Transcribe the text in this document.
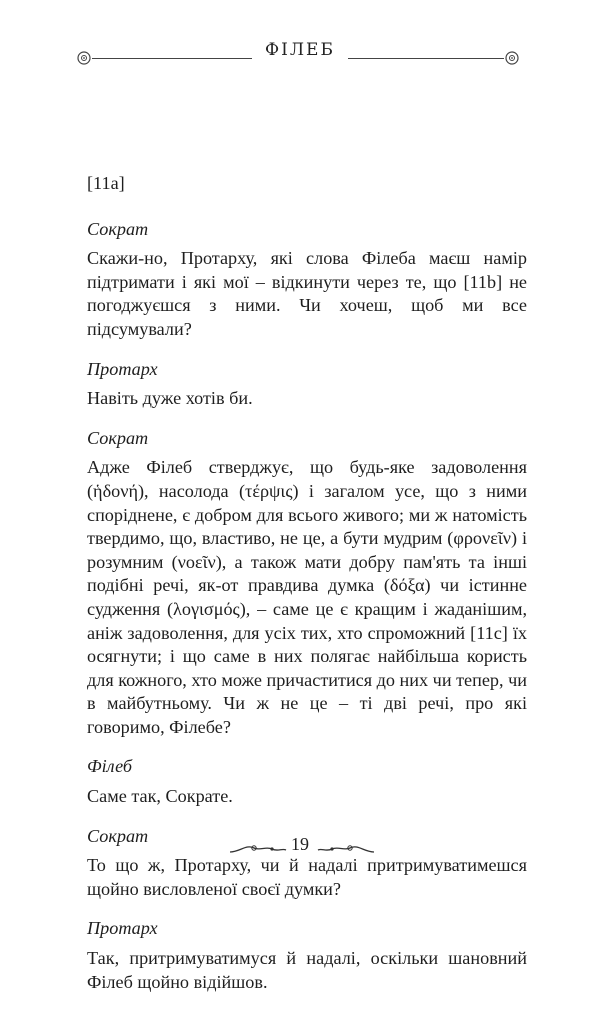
ФІЛЕБ

[11а]

Сократ

Скажи-но, Протарху, які слова Філеба маєш намір підтримати і які мої – відкинути через те, що [11b] не погоджуєшся з ними. Чи хочеш, щоб ми все підсумували?

Протарх

Навіть дуже хотів би.

Сократ

Адже Філеб стверджує, що будь-яке задоволення (ἡδονή), насолода (τέρψις) і загалом усе, що з ними споріднене, є добром для всього живого; ми ж натомість твердимо, що, властиво, не це, а бути мудрим (φρονεῖν) і розумним (νοεῖν), а також мати добру пам'ять та інші подібні речі, як-от правдива думка (δόξα) чи істинне судження (λογισμός), – саме це є кращим і жаданішим, аніж задоволення, для усіх тих, хто спроможний [11с] їх осягнути; і що саме в них полягає найбільша користь для кожного, хто може причаститися до них чи тепер, чи в майбутньому. Чи ж не це – ті дві речі, про які говоримо, Філебе?

Філеб

Саме так, Сократе.

Сократ

То що ж, Протарху, чи й надалі притримуватимешся щойно висловленої своєї думки?

Протарх

Так, притримуватимуся й надалі, оскільки шановний Філеб щойно відійшов.

19
